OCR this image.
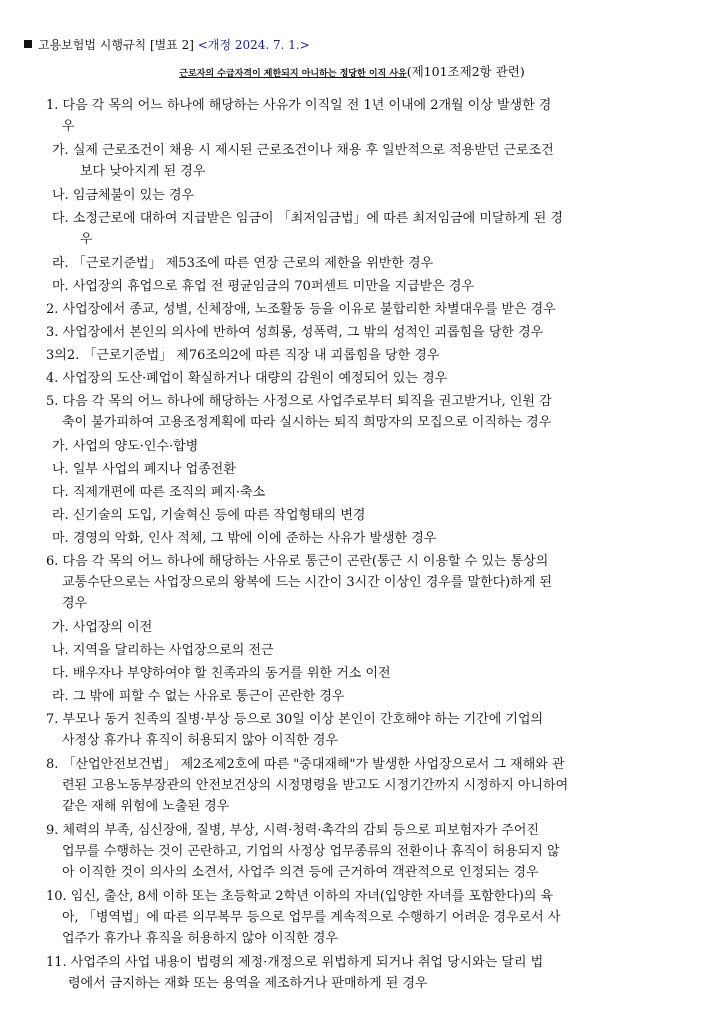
고용보험법 시행규칙 [별표 2] <개정 2024. 7. 1.>
근로자의 수급자격이 제한되지 아니하는 정당한 이직 사유(제101조제2항 관련)
1. 다음 각 목의 어느 하나에 해당하는 사유가 이직일 전 1년 이내에 2개월 이상 발생한 경
우
가. 실제 근로조건이 채용 시 제시된 근로조건이나 채용 후 일반적으로 적용받던 근로조건
보다 낮아지게 된 경우
나. 임금체불이 있는 경우
다. 소정근로에 대하여 지급받은 임금이 「최저임금법」에 따른 최저임금에 미달하게 된 경
우
라. 「근로기준법」 제53조에 따른 연장 근로의 제한을 위반한 경우
마. 사업장의 휴업으로 휴업 전 평균임금의 70퍼센트 미만을 지급받은 경우
2. 사업장에서 종교, 성별, 신체장애, 노조활동 등을 이유로 불합리한 차별대우를 받은 경우
3. 사업장에서 본인의 의사에 반하여 성희롱, 성폭력, 그 밖의 성적인 괴롭힘을 당한 경우
3의2. 「근로기준법」 제76조의2에 따른 직장 내 괴롭힘을 당한 경우
4. 사업장의 도산·폐업이 확실하거나 대량의 감원이 예정되어 있는 경우
5. 다음 각 목의 어느 하나에 해당하는 사정으로 사업주로부터 퇴직을 권고받거나, 인원 감
축이 불가피하여 고용조정계획에 따라 실시하는 퇴직 희망자의 모집으로 이직하는 경우
가. 사업의 양도·인수·합병
나. 일부 사업의 폐지나 업종전환
다. 직제개편에 따른 조직의 폐지·축소
라. 신기술의 도입, 기술혁신 등에 따른 작업형태의 변경
마. 경영의 악화, 인사 적체, 그 밖에 이에 준하는 사유가 발생한 경우
6. 다음 각 목의 어느 하나에 해당하는 사유로 통근이 곤란(통근 시 이용할 수 있는 통상의
교통수단으로는 사업장으로의 왕복에 드는 시간이 3시간 이상인 경우를 말한다)하게 된
경우
가. 사업장의 이전
나. 지역을 달리하는 사업장으로의 전근
다. 배우자나 부양하여야 할 친족과의 동거를 위한 거소 이전
라. 그 밖에 피할 수 없는 사유로 통근이 곤란한 경우
7. 부모나 동거 친족의 질병·부상 등으로 30일 이상 본인이 간호해야 하는 기간에 기업의
사정상 휴가나 휴직이 허용되지 않아 이직한 경우
8. 「산업안전보건법」 제2조제2호에 따른 "중대재해"가 발생한 사업장으로서 그 재해와 관
련된 고용노동부장관의 안전보건상의 시정명령을 받고도 시정기간까지 시정하지 아니하여
같은 재해 위험에 노출된 경우
9. 체력의 부족, 심신장애, 질병, 부상, 시력·청력·촉각의 감퇴 등으로 피보험자가 주어진
업무를 수행하는 것이 곤란하고, 기업의 사정상 업무종류의 전환이나 휴직이 허용되지 않
아 이직한 것이 의사의 소견서, 사업주 의견 등에 근거하여 객관적으로 인정되는 경우
10. 임신, 출산, 8세 이하 또는 초등학교 2학년 이하의 자녀(입양한 자녀를 포함한다)의 육
아, 「병역법」에 따른 의무복무 등으로 업무를 계속적으로 수행하기 어려운 경우로서 사
업주가 휴가나 휴직을 허용하지 않아 이직한 경우
11. 사업주의 사업 내용이 법령의 제정·개정으로 위법하게 되거나 취업 당시와는 달리 법
령에서 금지하는 재화 또는 용역을 제조하거나 판매하게 된 경우
